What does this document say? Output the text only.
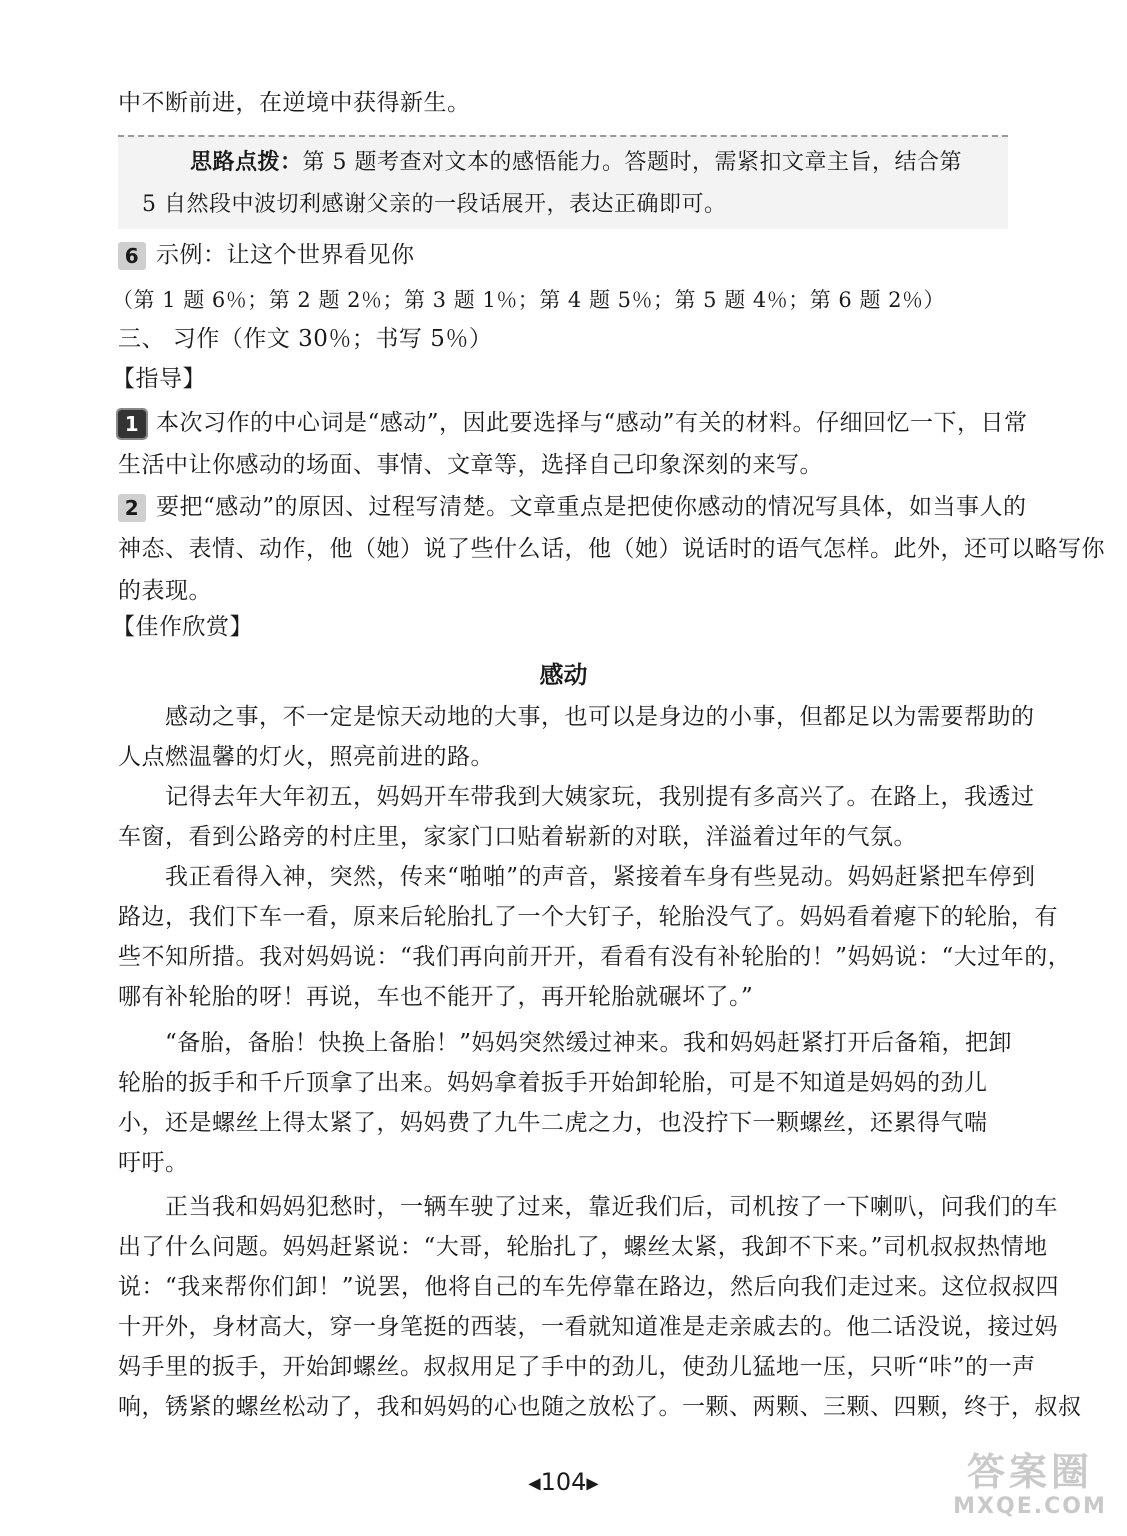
中不断前进，在逆境中获得新生。
思路点拨：第 5 题考查对文本的感悟能力。答题时，需紧扣文章主旨，结合第
5 自然段中波切利感谢父亲的一段话展开，表达正确即可。
6 示例：让这个世界看见你
（第 1 题 6％；第 2 题 2％；第 3 题 1％；第 4 题 5％；第 5 题 4％；第 6 题 2％）
三、 习作（作文 30％；书写 5％）
【指导】
1 本次习作的中心词是“感动”，因此要选择与“感动”有关的材料。仔细回忆一下，日常
生活中让你感动的场面、事情、文章等，选择自己印象深刻的来写。
2 要把“感动”的原因、过程写清楚。文章重点是把使你感动的情况写具体，如当事人的
神态、表情、动作，他（她）说了些什么话，他（她）说话时的语气怎样。此外，还可以略写你
的表现。
【佳作欣赏】
感动
感动之事，不一定是惊天动地的大事，也可以是身边的小事，但都足以为需要帮助的
人点燃温馨的灯火，照亮前进的路。
记得去年大年初五，妈妈开车带我到大姨家玩，我别提有多高兴了。在路上，我透过
车窗，看到公路旁的村庄里，家家门口贴着崭新的对联，洋溢着过年的气氛。
我正看得入神，突然，传来“啪啪”的声音，紧接着车身有些晃动。妈妈赶紧把车停到
路边，我们下车一看，原来后轮胎扎了一个大钉子，轮胎没气了。妈妈看着瘪下的轮胎，有
些不知所措。我对妈妈说：“我们再向前开开，看看有没有补轮胎的！”妈妈说：“大过年的，
哪有补轮胎的呀！再说，车也不能开了，再开轮胎就碾坏了。”
“备胎，备胎！快换上备胎！”妈妈突然缓过神来。我和妈妈赶紧打开后备箱，把卸
轮胎的扳手和千斤顶拿了出来。妈妈拿着扳手开始卸轮胎，可是不知道是妈妈的劲儿
小，还是螺丝上得太紧了，妈妈费了九牛二虎之力，也没拧下一颗螺丝，还累得气喘
吁吁。
正当我和妈妈犯愁时，一辆车驶了过来，靠近我们后，司机按了一下喇叭，问我们的车
出了什么问题。妈妈赶紧说：“大哥，轮胎扎了，螺丝太紧，我卸不下来。”司机叔叔热情地
说：“我来帮你们卸！”说罢，他将自己的车先停靠在路边，然后向我们走过来。这位叔叔四
十开外，身材高大，穿一身笔挺的西装，一看就知道准是走亲戚去的。他二话没说，接过妈
妈手里的扳手，开始卸螺丝。叔叔用足了手中的劲儿，使劲儿猛地一压，只听“咔”的一声
响，锈紧的螺丝松动了，我和妈妈的心也随之放松了。一颗、两颗、三颗、四颗，终于，叔叔
◀104▶	答案圈
MXQE.COM
